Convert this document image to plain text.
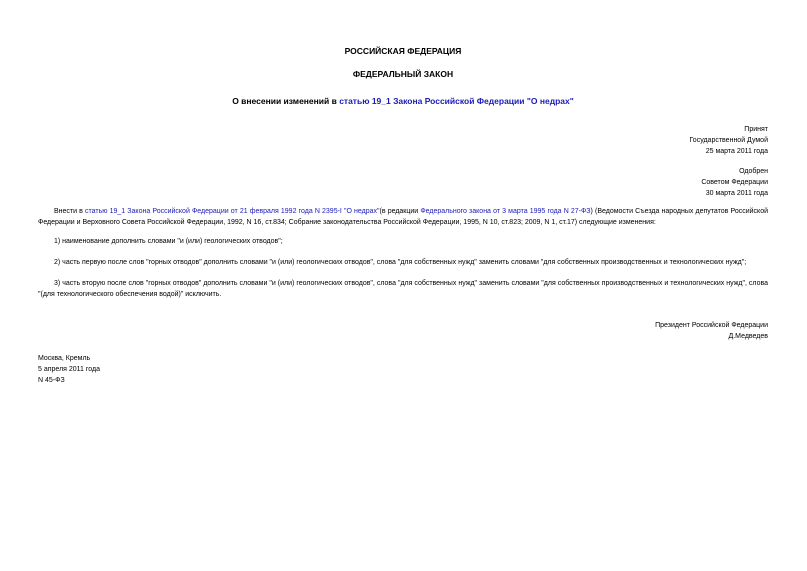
РОССИЙСКАЯ ФЕДЕРАЦИЯ
ФЕДЕРАЛЬНЫЙ ЗАКОН
О внесении изменений в статью 19_1 Закона Российской Федерации "О недрах"
Принят
Государственной Думой
25 марта 2011 года
Одобрен
Советом Федерации
30 марта 2011 года
Внести в статью 19_1 Закона Российской Федерации от 21 февраля 1992 года N 2395-I "О недрах"(в редакции Федерального закона от 3 марта 1995 года N 27-ФЗ) (Ведомости Съезда народных депутатов Российской Федерации и Верховного Совета Российской Федерации, 1992, N 16, ст.834; Собрание законодательства Российской Федерации, 1995, N 10, ст.823; 2009, N 1, ст.17) следующие изменения:
1) наименование дополнить словами "и (или) геологических отводов";
2) часть первую после слов "горных отводов" дополнить словами "и (или) геологических отводов", слова "для собственных нужд" заменить словами "для собственных производственных и технологических нужд";
3) часть вторую после слов "горных отводов" дополнить словами "и (или) геологических отводов", слова "для собственных нужд" заменить словами "для собственных производственных и технологических нужд", слова "(для технологического обеспечения водой)" исключить.
Президент Российской Федерации
Д.Медведев
Москва, Кремль
5 апреля 2011 года
N 45-ФЗ
